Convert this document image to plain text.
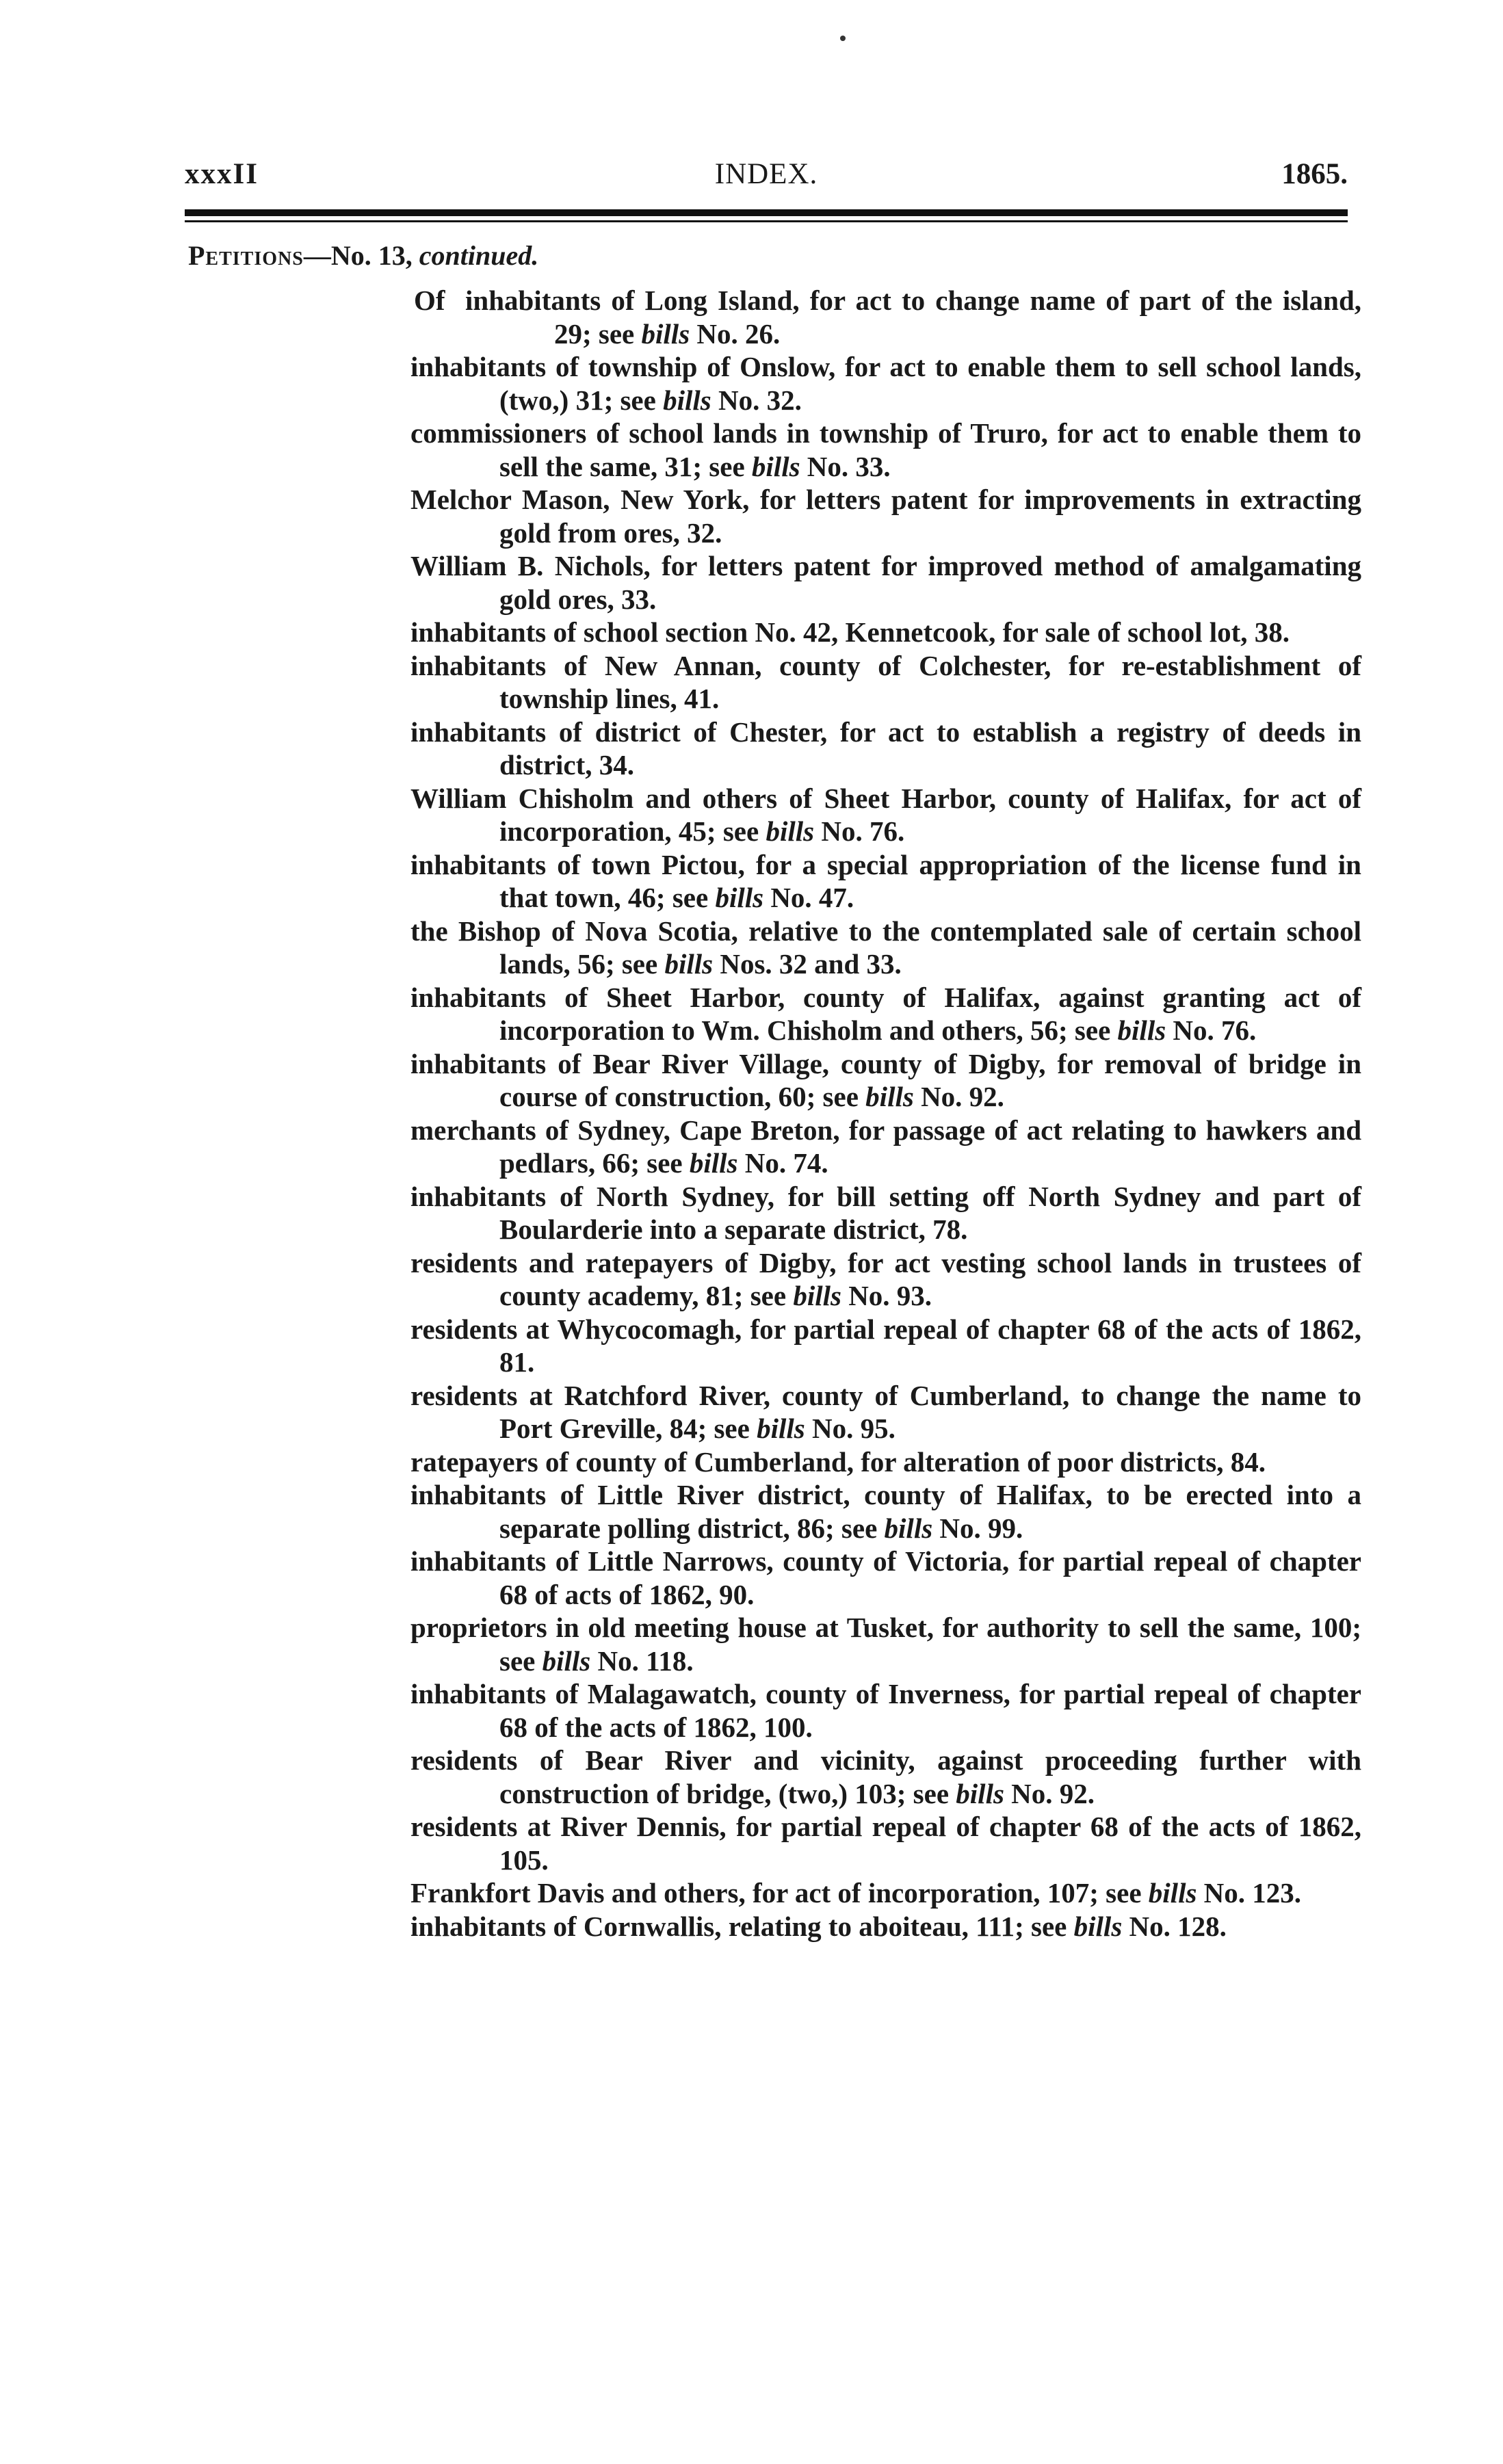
xxxII	INDEX.	1865.
Petitions—No. 13, continued.
Of inhabitants of Long Island, for act to change name of part of the island, 29; see bills No. 26.
inhabitants of township of Onslow, for act to enable them to sell school lands, (two,) 31; see bills No. 32.
commissioners of school lands in township of Truro, for act to enable them to sell the same, 31; see bills No. 33.
Melchor Mason, New York, for letters patent for improvements in extracting gold from ores, 32.
William B. Nichols, for letters patent for improved method of amalgamating gold ores, 33.
inhabitants of school section No. 42, Kennetcook, for sale of school lot, 38.
inhabitants of New Annan, county of Colchester, for re-establishment of township lines, 41.
inhabitants of district of Chester, for act to establish a registry of deeds in district, 34.
William Chisholm and others of Sheet Harbor, county of Halifax, for act of incorporation, 45; see bills No. 76.
inhabitants of town Pictou, for a special appropriation of the license fund in that town, 46; see bills No. 47.
the Bishop of Nova Scotia, relative to the contemplated sale of certain school lands, 56; see bills Nos. 32 and 33.
inhabitants of Sheet Harbor, county of Halifax, against granting act of incorporation to Wm. Chisholm and others, 56; see bills No. 76.
inhabitants of Bear River Village, county of Digby, for removal of bridge in course of construction, 60; see bills No. 92.
merchants of Sydney, Cape Breton, for passage of act relating to hawkers and pedlars, 66; see bills No. 74.
inhabitants of North Sydney, for bill setting off North Sydney and part of Boularderie into a separate district, 78.
residents and ratepayers of Digby, for act vesting school lands in trustees of county academy, 81; see bills No. 93.
residents at Whycocomagh, for partial repeal of chapter 68 of the acts of 1862, 81.
residents at Ratchford River, county of Cumberland, to change the name to Port Greville, 84; see bills No. 95.
ratepayers of county of Cumberland, for alteration of poor districts, 84.
inhabitants of Little River district, county of Halifax, to be erected into a separate polling district, 86; see bills No. 99.
inhabitants of Little Narrows, county of Victoria, for partial repeal of chapter 68 of acts of 1862, 90.
proprietors in old meeting house at Tusket, for authority to sell the same, 100; see bills No. 118.
inhabitants of Malagawatch, county of Inverness, for partial repeal of chapter 68 of the acts of 1862, 100.
residents of Bear River and vicinity, against proceeding further with construction of bridge, (two,) 103; see bills No. 92.
residents at River Dennis, for partial repeal of chapter 68 of the acts of 1862, 105.
Frankfort Davis and others, for act of incorporation, 107; see bills No. 123.
inhabitants of Cornwallis, relating to aboiteau, 111; see bills No. 128.
